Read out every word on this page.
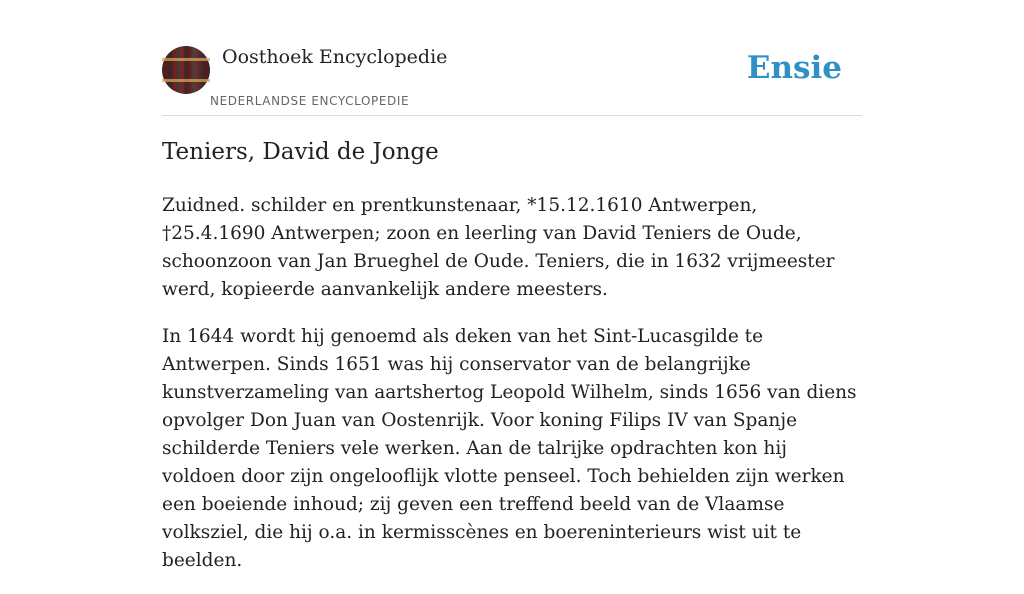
Oosthoek Encyclopedie
NEDERLANDSE ENCYCLOPEDIE
Ensie
Teniers, David de Jonge

Zuidned. schilder en prentkunstenaar, *15.12.1610 Antwerpen, †25.4.1690 Antwerpen; zoon en leerling van David Teniers de Oude, schoonzoon van Jan Brueghel de Oude. Teniers, die in 1632 vrijmeester werd, kopieerde aanvankelijk andere meesters.

In 1644 wordt hij genoemd als deken van het Sint-Lucasgilde te Antwerpen. Sinds 1651 was hij conservator van de belangrijke kunstverzameling van aartshertog Leopold Wilhelm, sinds 1656 van diens opvolger Don Juan van Oostenrijk. Voor koning Filips IV van Spanje schilderde Teniers vele werken. Aan de talrijke opdrachten kon hij voldoen door zijn ongelooflijk vlotte penseel. Toch behielden zijn werken een boeiende inhoud; zij geven een treffend beeld van de Vlaamse volksziel, die hij o.a. in kermisscènes en boereninterieurs wist uit te beelden.
